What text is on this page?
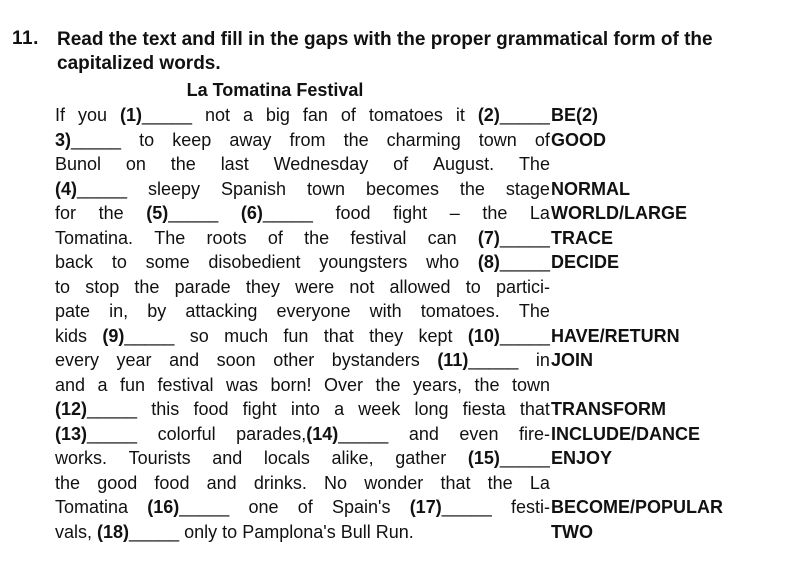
11. Read the text and fill in the gaps with the proper grammatical form of the capitalized words.
La Tomatina Festival
If you (1)_____ not a big fan of tomatoes it (2)_____
3)_____ to keep away from the charming town of
Bunol on the last Wednesday of August. The
(4)_____ sleepy Spanish town becomes the stage
for the (5)_____ (6)_____ food fight – the La
Tomatina. The roots of the festival can (7)_____
back to some disobedient youngsters who (8)_____
to stop the parade they were not allowed to partici-
pate in, by attacking everyone with tomatoes. The
kids (9)_____ so much fun that they kept (10)_____
every year and soon other bystanders (11)_____ in
and a fun festival was born! Over the years, the town
(12)_____ this food fight into a week long fiesta that
(13)_____ colorful parades,(14)_____ and even fire-
works. Tourists and locals alike, gather (15)_____
the good food and drinks. No wonder that the La
Tomatina (16)_____ one of Spain's (17)_____ festi-
vals, (18)_____ only to Pamplona's Bull Run.
BE(2)
GOOD
NORMAL
WORLD/LARGE
TRACE
DECIDE
HAVE/RETURN
JOIN
TRANSFORM
INCLUDE/DANCE
ENJOY
BECOME/POPULAR
TWO
